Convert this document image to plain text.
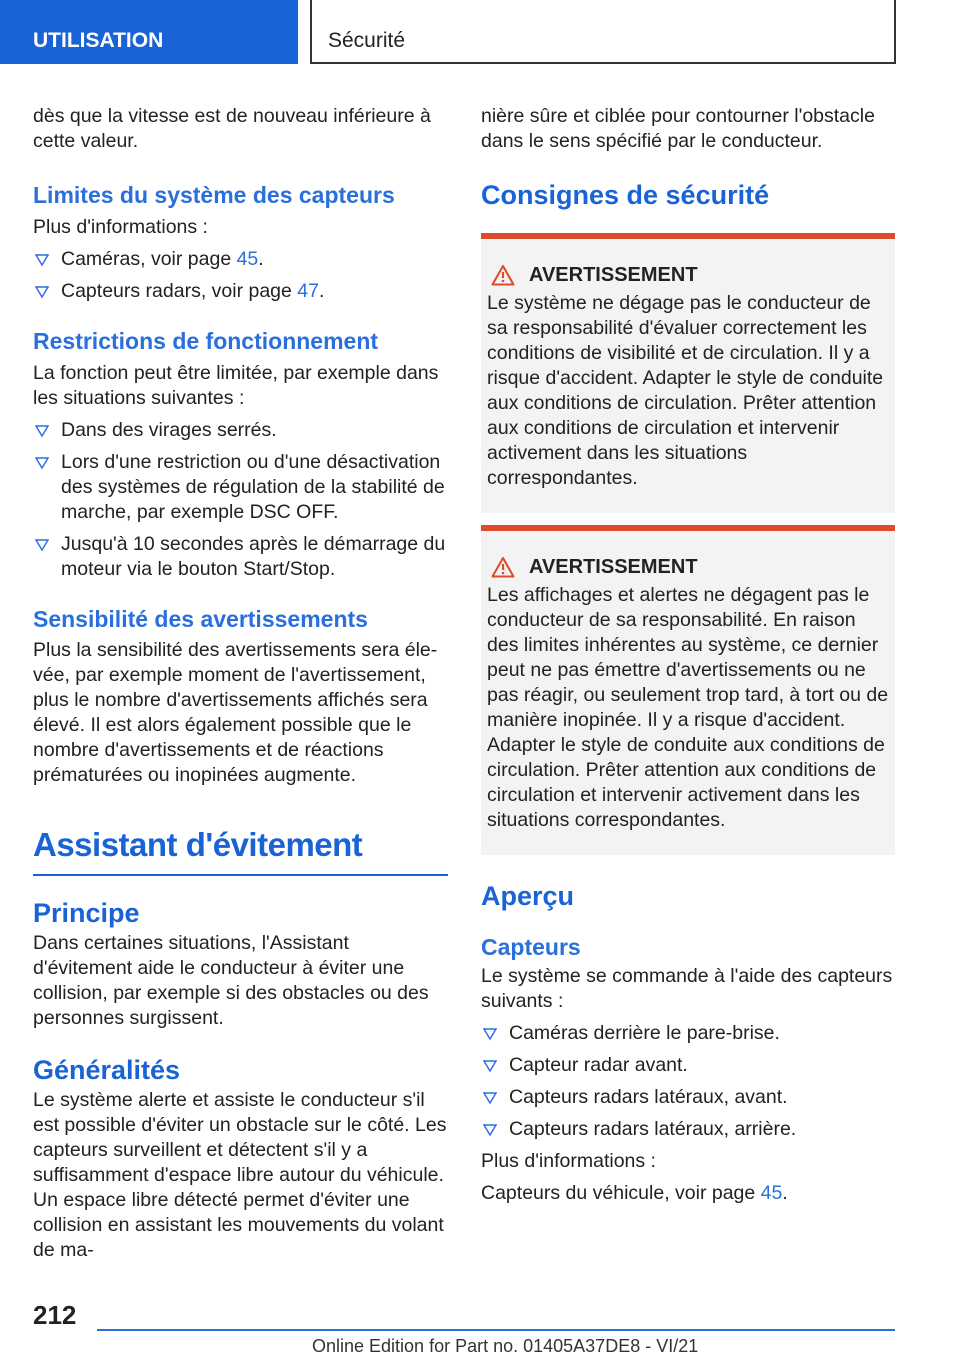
UTILISATION	Sécurité

dès que la vitesse est de nouveau inférieure à cette valeur.

Limites du système des capteurs

Plus d'informations :

Caméras, voir page 45.
Capteurs radars, voir page 47.
Restrictions de fonctionnement

La fonction peut être limitée, par exemple dans les situations suivantes :

Dans des virages serrés.
Lors d'une restriction ou d'une désactivation des systèmes de régulation de la stabilité de marche, par exemple DSC OFF.
Jusqu'à 10 secondes après le démarrage du moteur via le bouton Start/Stop.
Sensibilité des avertissements

Plus la sensibilité des avertissements sera élevée, par exemple moment de l'avertissement, plus le nombre d'avertissements affichés sera élevé. Il est alors également possible que le nombre d'avertissements et de réactions prématurées ou inopinées augmente.

Assistant d'évitement
Principe

Dans certaines situations, l'Assistant d'évitement aide le conducteur à éviter une collision, par exemple si des obstacles ou des personnes surgissent.

Généralités

Le système alerte et assiste le conducteur s'il est possible d'éviter un obstacle sur le côté. Les capteurs surveillent et détectent s'il y a suffisamment d'espace libre autour du véhicule. Un espace libre détecté permet d'éviter une collision en assistant les mouvements du volant de ma-

nière sûre et ciblée pour contourner l'obstacle dans le sens spécifié par le conducteur.

Consignes de sécurité
AVERTISSEMENT

Le système ne dégage pas le conducteur de sa responsabilité d'évaluer correctement les conditions de visibilité et de circulation. Il y a risque d'accident. Adapter le style de conduite aux conditions de circulation. Prêter attention aux conditions de circulation et intervenir activement dans les situations correspondantes.

AVERTISSEMENT

Les affichages et alertes ne dégagent pas le conducteur de sa responsabilité. En raison des limites inhérentes au système, ce dernier peut ne pas émettre d'avertissements ou ne pas réagir, ou seulement trop tard, à tort ou de manière inopinée. Il y a risque d'accident. Adapter le style de conduite aux conditions de circulation. Prêter attention aux conditions de circulation et intervenir activement dans les situations correspondantes.

Aperçu
Capteurs

Le système se commande à l'aide des capteurs suivants :

Caméras derrière le pare-brise.
Capteur radar avant.
Capteurs radars latéraux, avant.
Capteurs radars latéraux, arrière.

Plus d'informations :

Capteurs du véhicule, voir page 45.

212
Online Edition for Part no. 01405A37DE8 - VI/21
